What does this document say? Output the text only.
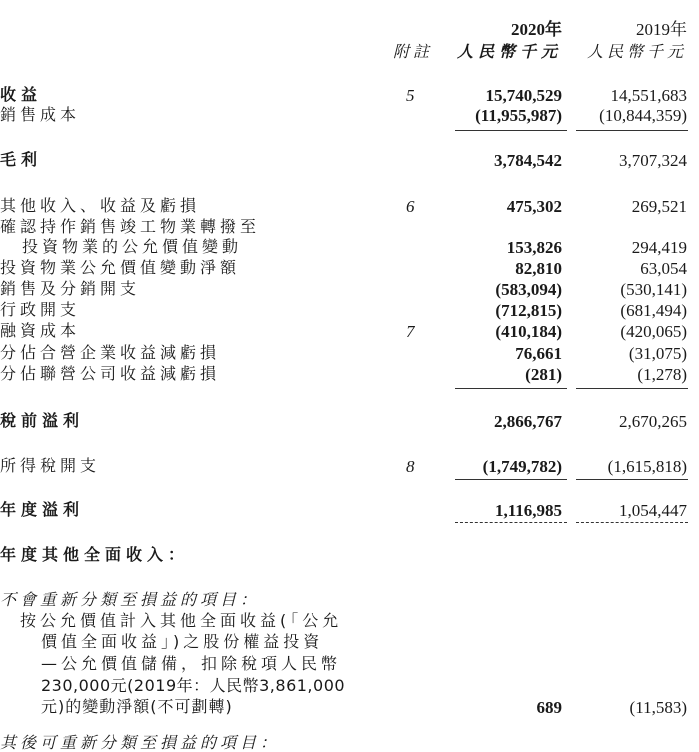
2020年	2019年
附註 人民幣千元 人民幣千元
收益	5	15,740,529	14,551,683
銷售成本	(11,955,987) (10,844,359)
毛利	3,784,542	3,707,324
其他收入、收益及虧損	6	475,302	269,521
確認持作銷售竣工物業轉撥至
投資物業的公允價值變動	153,826	294,419
投資物業公允價值變動淨額	82,810	63,054
銷售及分銷開支	(583,094)	(530,141)
行政開支	(712,815)	(681,494)
融資成本	7	(410,184)	(420,065)
分佔合營企業收益減虧損	76,661	(31,075)
分佔聯營公司收益減虧損	(281)	(1,278)
稅前溢利	2,866,767	2,670,265
所得稅開支	8	(1,749,782)	(1,615,818)
年度溢利	1,116,985	1,054,447
年度其他全面收入：
不會重新分類至損益的項目：
按公允價值計入其他全面收益(「公允
價值全面收益」)之股份權益投資
—公允價值儲備，扣除稅項人民幣
230,000元(2019年：人民幣3,861,000
元)的變動淨額(不可劃轉)	689	(11,583)
其後可重新分類至損益的項目：
